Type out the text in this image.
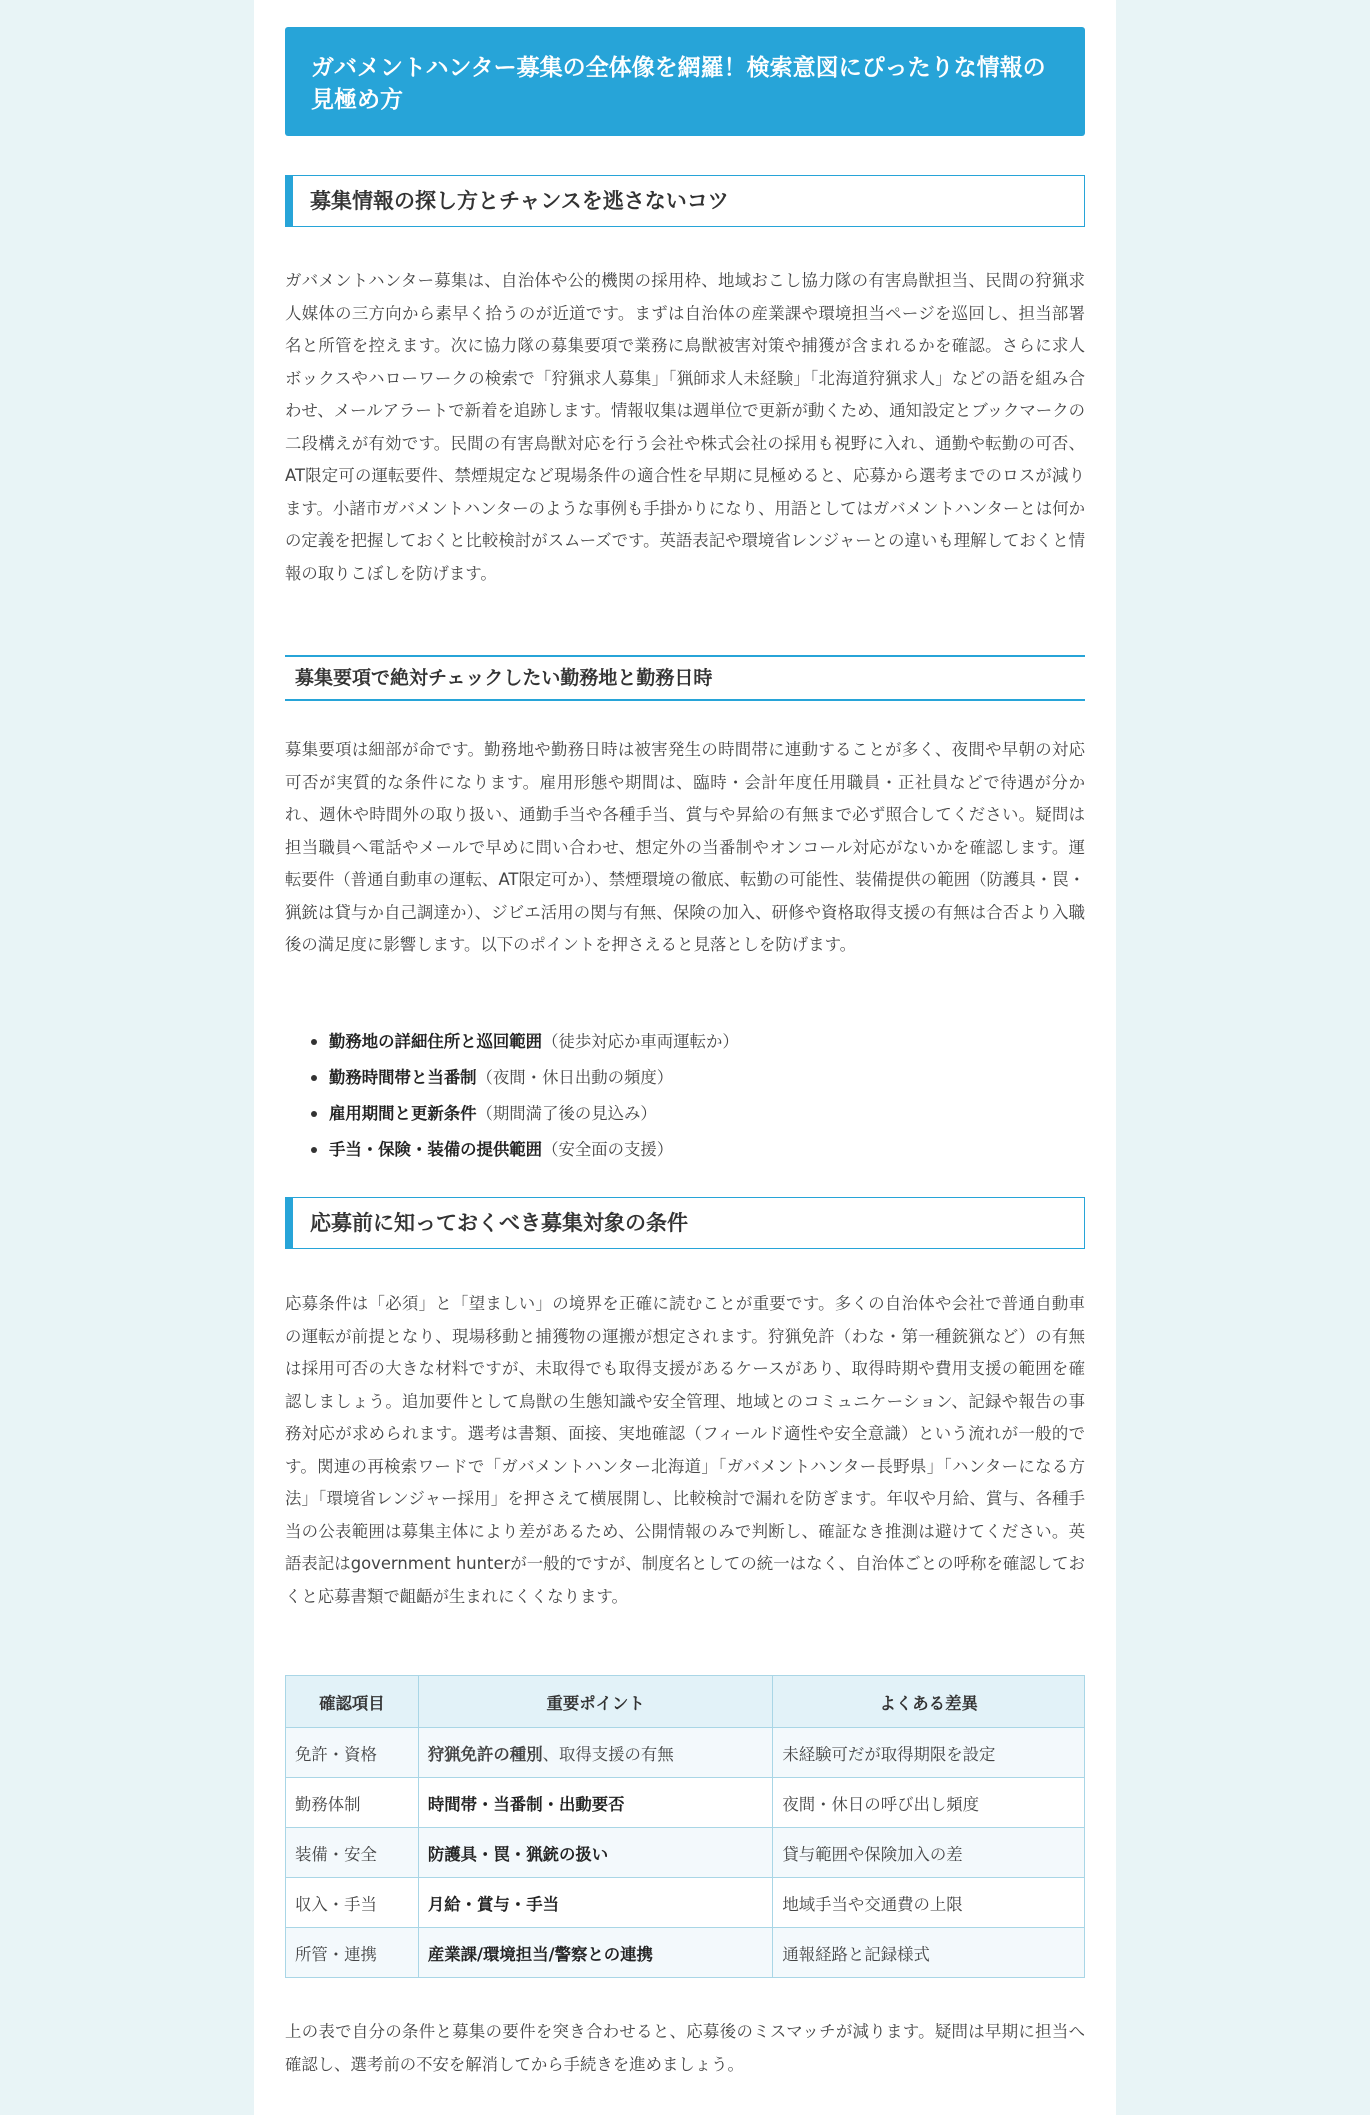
ガバメントハンター募集の全体像を網羅！検索意図にぴったりな情報の見極め方
募集情報の探し方とチャンスを逃さないコツ

ガバメントハンター募集は、自治体や公的機関の採用枠、地域おこし協力隊の有害鳥獣担当、民間の狩猟求人媒体の三方向から素早く拾うのが近道です。まずは自治体の産業課や環境担当ページを巡回し、担当部署名と所管を控えます。次に協力隊の募集要項で業務に鳥獣被害対策や捕獲が含まれるかを確認。さらに求人ボックスやハローワークの検索で「狩猟求人募集」「猟師求人未経験」「北海道狩猟求人」などの語を組み合わせ、メールアラートで新着を追跡します。情報収集は週単位で更新が動くため、通知設定とブックマークの二段構えが有効です。民間の有害鳥獣対応を行う会社や株式会社の採用も視野に入れ、通勤や転勤の可否、AT限定可の運転要件、禁煙規定など現場条件の適合性を早期に見極めると、応募から選考までのロスが減ります。小諸市ガバメントハンターのような事例も手掛かりになり、用語としてはガバメントハンターとは何かの定義を把握しておくと比較検討がスムーズです。英語表記や環境省レンジャーとの違いも理解しておくと情報の取りこぼしを防げます。

募集要項で絶対チェックしたい勤務地と勤務日時

募集要項は細部が命です。勤務地や勤務日時は被害発生の時間帯に連動することが多く、夜間や早朝の対応可否が実質的な条件になります。雇用形態や期間は、臨時・会計年度任用職員・正社員などで待遇が分かれ、週休や時間外の取り扱い、通勤手当や各種手当、賞与や昇給の有無まで必ず照合してください。疑問は担当職員へ電話やメールで早めに問い合わせ、想定外の当番制やオンコール対応がないかを確認します。運転要件（普通自動車の運転、AT限定可か）、禁煙環境の徹底、転勤の可能性、装備提供の範囲（防護具・罠・猟銃は貸与か自己調達か）、ジビエ活用の関与有無、保険の加入、研修や資格取得支援の有無は合否より入職後の満足度に影響します。以下のポイントを押さえると見落としを防げます。

勤務地の詳細住所と巡回範囲（徒歩対応か車両運転か）
勤務時間帯と当番制（夜間・休日出動の頻度）
雇用期間と更新条件（期間満了後の見込み）
手当・保険・装備の提供範囲（安全面の支援）
応募前に知っておくべき募集対象の条件

応募条件は「必須」と「望ましい」の境界を正確に読むことが重要です。多くの自治体や会社で普通自動車の運転が前提となり、現場移動と捕獲物の運搬が想定されます。狩猟免許（わな・第一種銃猟など）の有無は採用可否の大きな材料ですが、未取得でも取得支援があるケースがあり、取得時期や費用支援の範囲を確認しましょう。追加要件として鳥獣の生態知識や安全管理、地域とのコミュニケーション、記録や報告の事務対応が求められます。選考は書類、面接、実地確認（フィールド適性や安全意識）という流れが一般的です。関連の再検索ワードで「ガバメントハンター北海道」「ガバメントハンター長野県」「ハンターになる方法」「環境省レンジャー採用」を押さえて横展開し、比較検討で漏れを防ぎます。年収や月給、賞与、各種手当の公表範囲は募集主体により差があるため、公開情報のみで判断し、確証なき推測は避けてください。英語表記はgovernment hunterが一般的ですが、制度名としての統一はなく、自治体ごとの呼称を確認しておくと応募書類で齟齬が生まれにくくなります。

確認項目	重要ポイント	よくある差異
免許・資格	狩猟免許の種別、取得支援の有無	未経験可だが取得期限を設定
勤務体制	時間帯・当番制・出動要否	夜間・休日の呼び出し頻度
装備・安全	防護具・罠・猟銃の扱い	貸与範囲や保険加入の差
収入・手当	月給・賞与・手当	地域手当や交通費の上限
所管・連携	産業課/環境担当/警察との連携	通報経路と記録様式

上の表で自分の条件と募集の要件を突き合わせると、応募後のミスマッチが減ります。疑問は早期に担当へ確認し、選考前の不安を解消してから手続きを進めましょう。
